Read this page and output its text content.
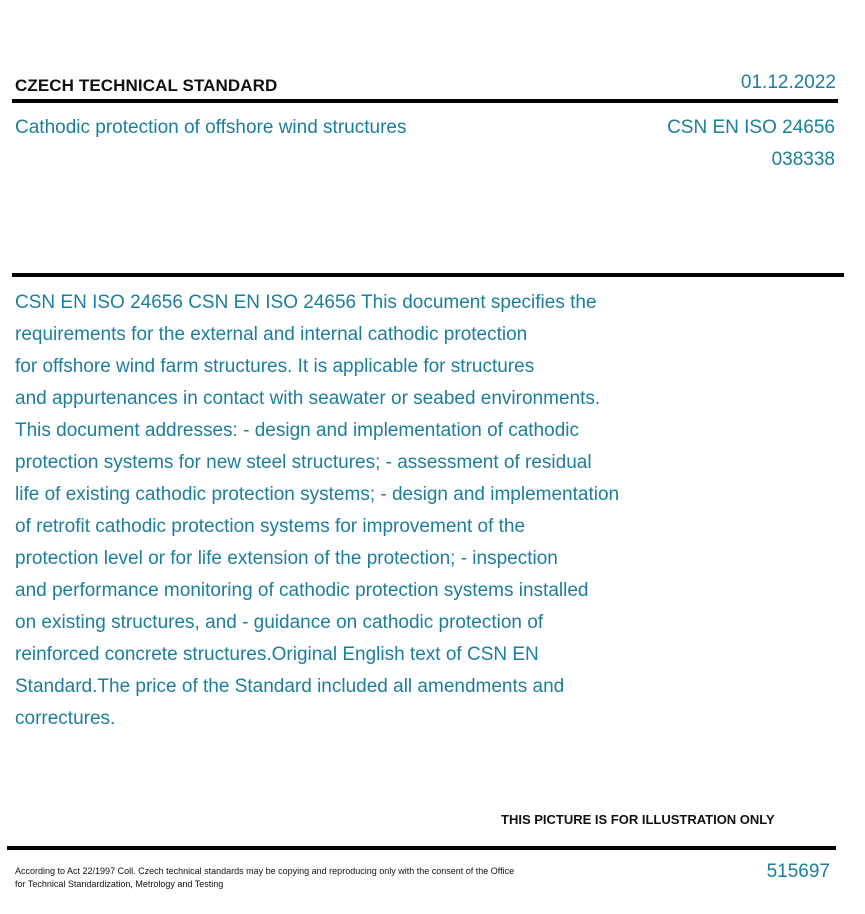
CZECH TECHNICAL STANDARD	01.12.2022
Cathodic protection of offshore wind structures	CSN EN ISO 24656
038338
CSN EN ISO 24656 CSN EN ISO 24656 This document specifies the
requirements for the external and internal cathodic protection
for offshore wind farm structures. It is applicable for structures
and appurtenances in contact with seawater or seabed environments.
This document addresses: - design and implementation of cathodic
protection systems for new steel structures; - assessment of residual
life of existing cathodic protection systems; - design and implementation
of retrofit cathodic protection systems for improvement of the
protection level or for life extension of the protection; - inspection
and performance monitoring of cathodic protection systems installed
on existing structures, and - guidance on cathodic protection of
reinforced concrete structures.Original English text of CSN EN
Standard.The price of the Standard included all amendments and
correctures.
THIS PICTURE IS FOR ILLUSTRATION ONLY
According to Act 22/1997 Coll. Czech technical standards may be copying and reproducing only with the consent of the Office
for Technical Standardization, Metrology and Testing
515697
